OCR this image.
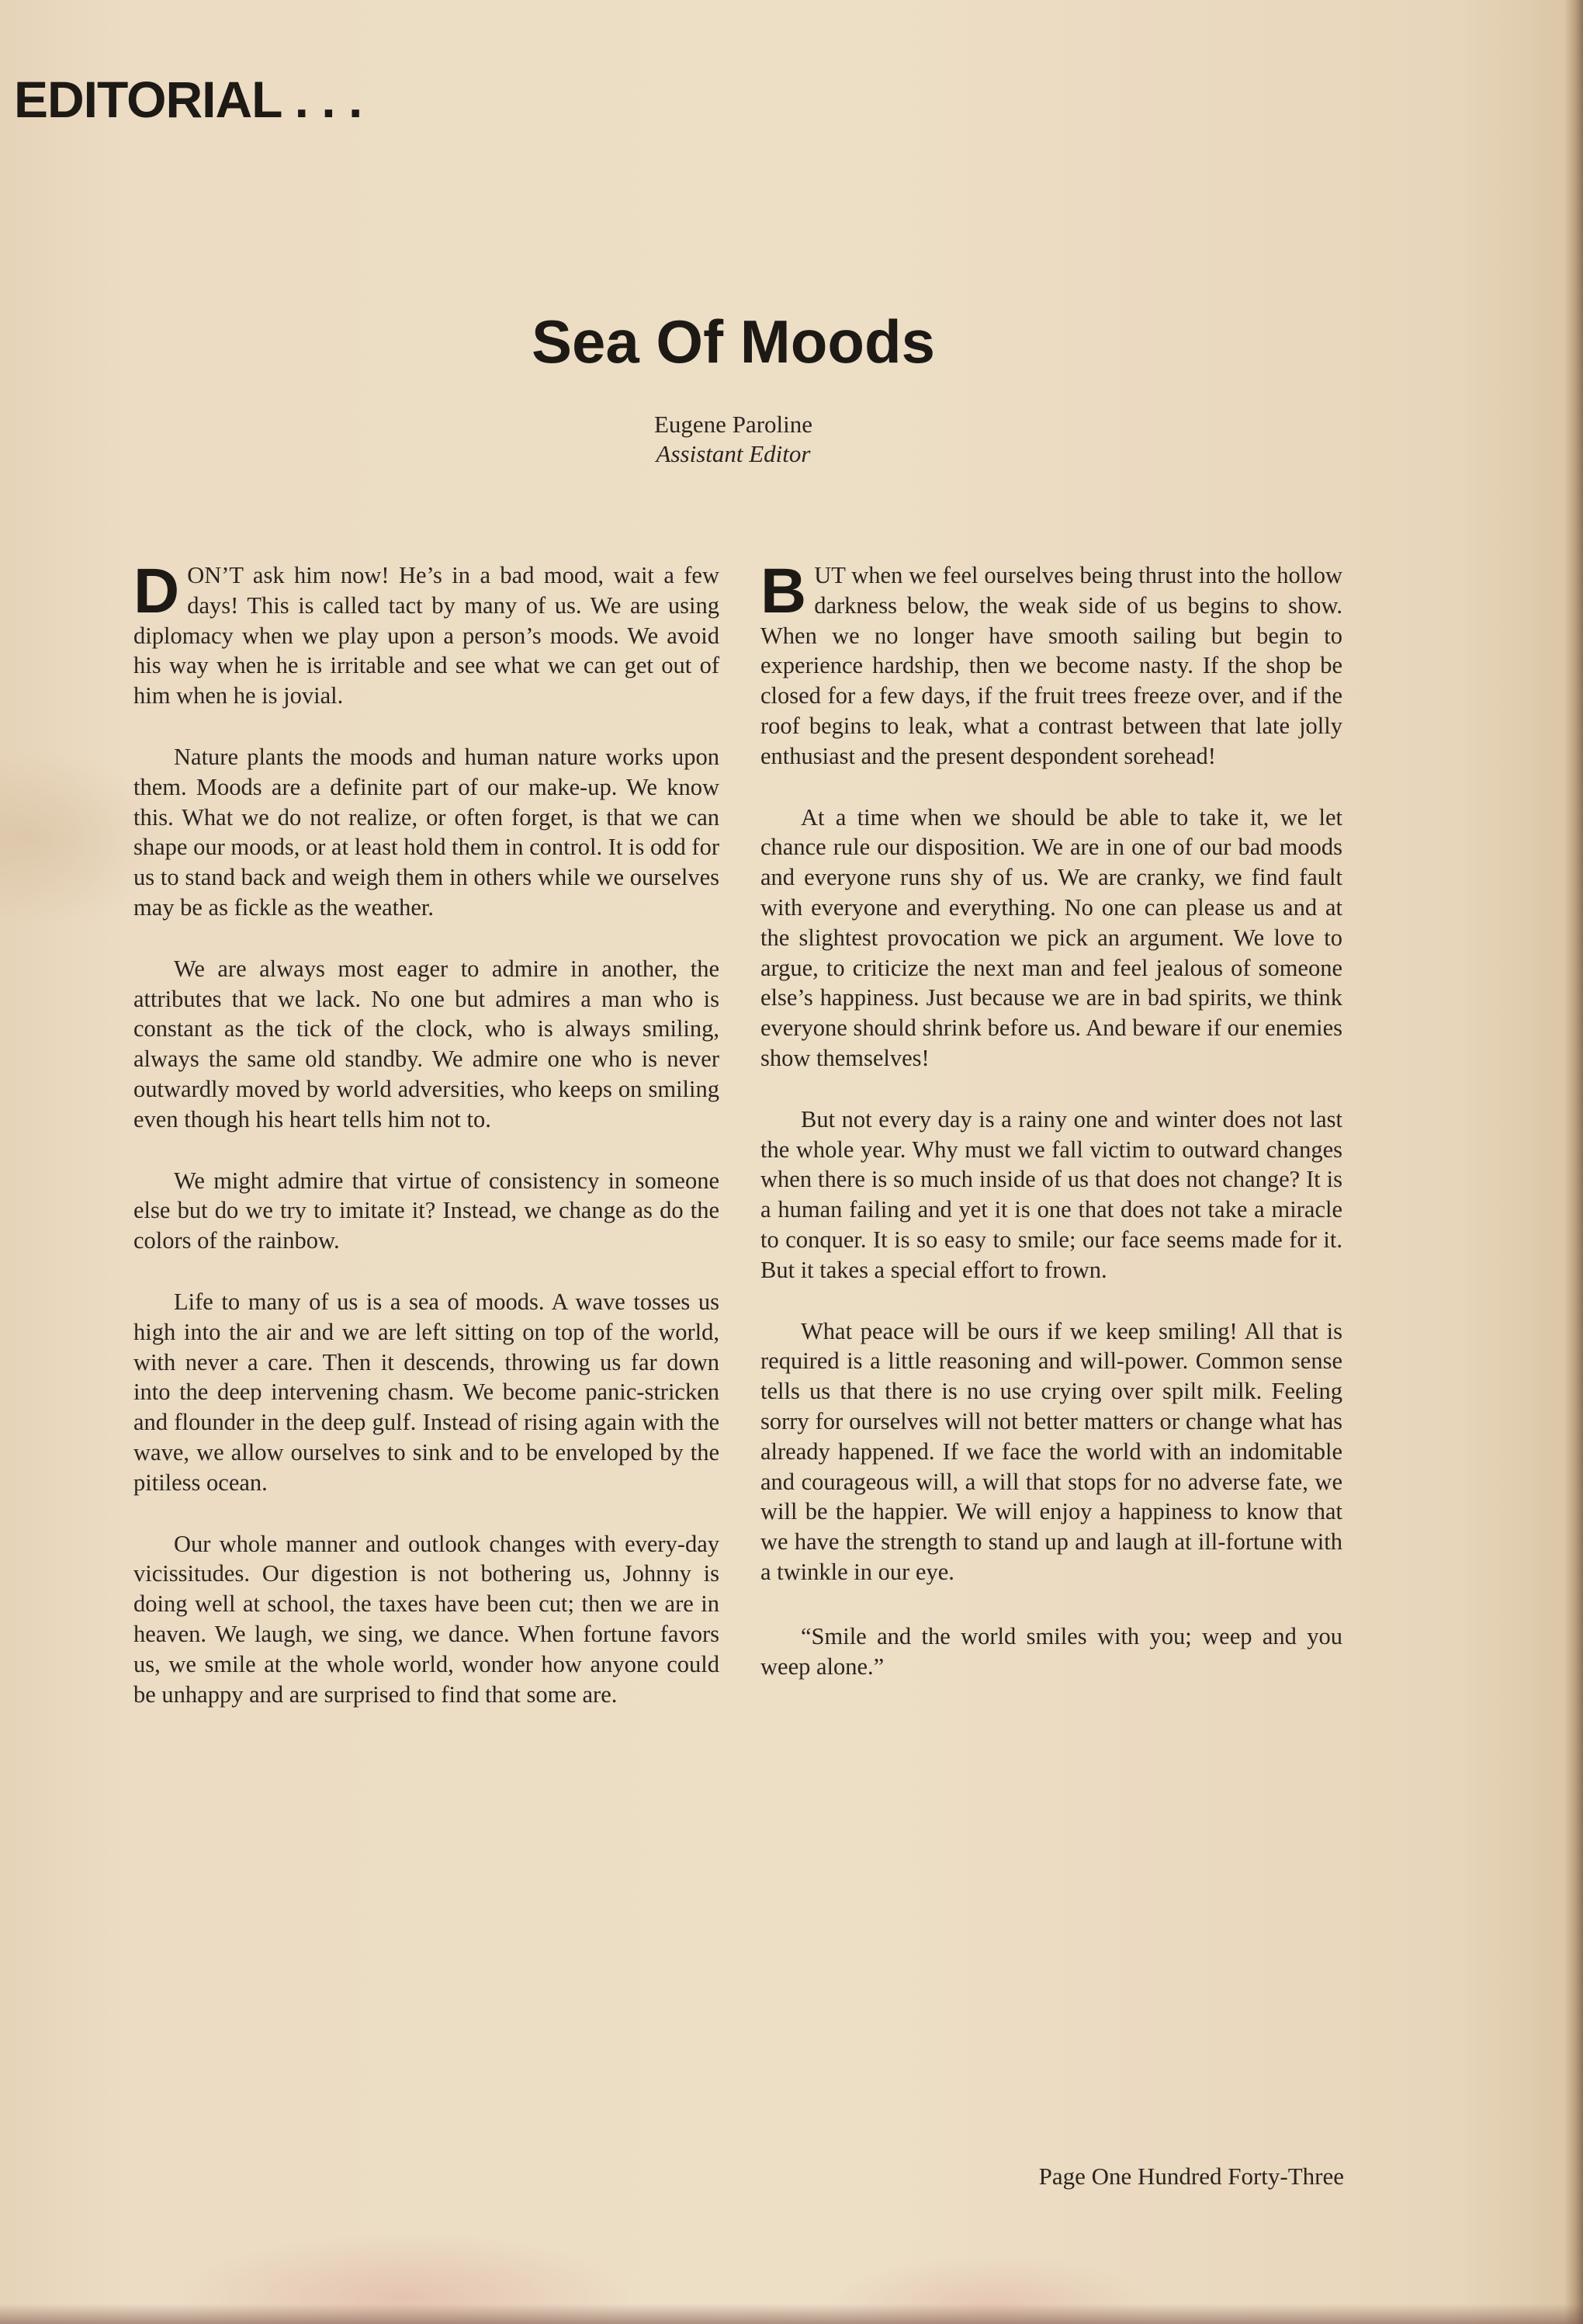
EDITORIAL . . .
Sea Of Moods
Eugene Paroline
Assistant Editor

DON’T ask him now! He’s in a bad mood, wait a few days! This is called tact by many of us. We are using diplomacy when we play upon a person’s moods. We avoid his way when he is irritable and see what we can get out of him when he is jovial.

Nature plants the moods and human nature works upon them. Moods are a definite part of our make-up. We know this. What we do not realize, or often forget, is that we can shape our moods, or at least hold them in control. It is odd for us to stand back and weigh them in others while we ourselves may be as fickle as the weather.

We are always most eager to admire in another, the attributes that we lack. No one but admires a man who is constant as the tick of the clock, who is always smiling, always the same old standby. We admire one who is never outwardly moved by world adversities, who keeps on smiling even though his heart tells him not to.

We might admire that virtue of consistency in someone else but do we try to imitate it? Instead, we change as do the colors of the rainbow.

Life to many of us is a sea of moods. A wave tosses us high into the air and we are left sitting on top of the world, with never a care. Then it descends, throwing us far down into the deep intervening chasm. We become panic-stricken and flounder in the deep gulf. Instead of rising again with the wave, we allow ourselves to sink and to be enveloped by the pitiless ocean.

Our whole manner and outlook changes with every-day vicissitudes. Our digestion is not bothering us, Johnny is doing well at school, the taxes have been cut; then we are in heaven. We laugh, we sing, we dance. When fortune favors us, we smile at the whole world, wonder how anyone could be unhappy and are surprised to find that some are.

BUT when we feel ourselves being thrust into the hollow darkness below, the weak side of us begins to show. When we no longer have smooth sailing but begin to experience hardship, then we become nasty. If the shop be closed for a few days, if the fruit trees freeze over, and if the roof begins to leak, what a contrast between that late jolly enthusiast and the present despondent sorehead!

At a time when we should be able to take it, we let chance rule our disposition. We are in one of our bad moods and everyone runs shy of us. We are cranky, we find fault with everyone and everything. No one can please us and at the slightest provocation we pick an argument. We love to argue, to criticize the next man and feel jealous of someone else’s happiness. Just because we are in bad spirits, we think everyone should shrink before us. And beware if our enemies show themselves!

But not every day is a rainy one and winter does not last the whole year. Why must we fall victim to outward changes when there is so much inside of us that does not change? It is a human failing and yet it is one that does not take a miracle to conquer. It is so easy to smile; our face seems made for it. But it takes a special effort to frown.

What peace will be ours if we keep smiling! All that is required is a little reasoning and will-power. Common sense tells us that there is no use crying over spilt milk. Feeling sorry for ourselves will not better matters or change what has already happened. If we face the world with an indomitable and courageous will, a will that stops for no adverse fate, we will be the happier. We will enjoy a happiness to know that we have the strength to stand up and laugh at ill-fortune with a twinkle in our eye.

“Smile and the world smiles with you; weep and you weep alone.”

Page One Hundred Forty-Three
